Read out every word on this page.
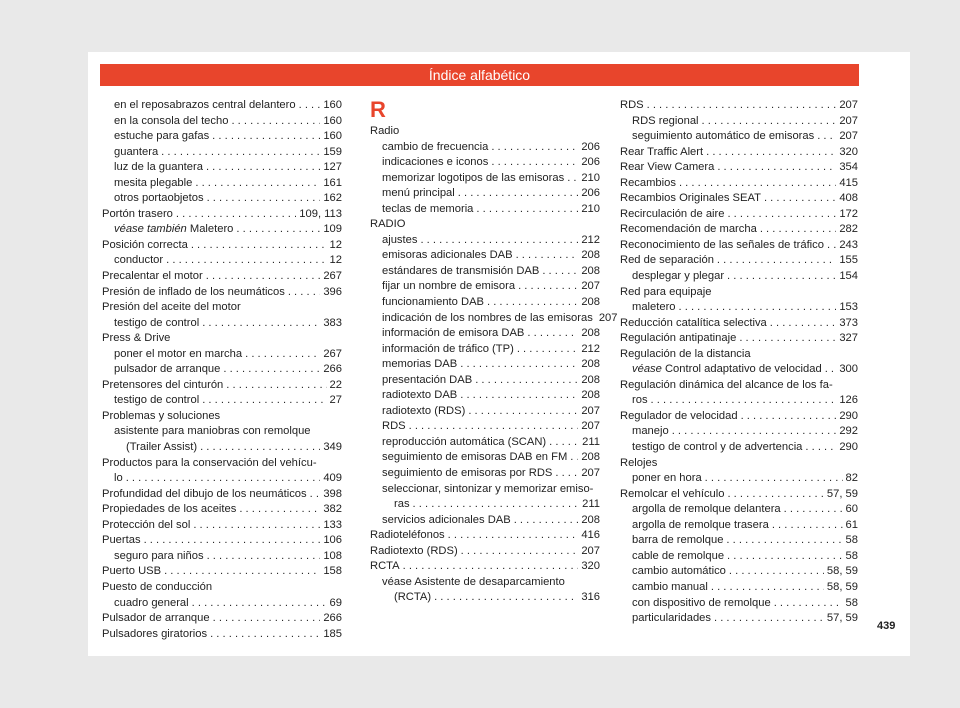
Índice alfabético
en el reposabrazos central delantero . . . 160
en la consola del techo . . .	160
estuche para gafas . . .	160
guantera . . .	159
luz de la guantera . . .	127
mesita plegable . . .	161
otros portaobjetos . . .	162
Portón trasero . . .	109, 113
véase también Maletero . . .	109
Posición correcta . . .	12
conductor . . .	12
Precalentar el motor . . .	267
Presión de inflado de los neumáticos . . .	396
Presión del aceite del motor
testigo de control . . .	383
Press & Drive
poner el motor en marcha . . .	267
pulsador de arranque . . .	266
Pretensores del cinturón . . .	22
testigo de control . . .	27
Problemas y soluciones
asistente para maniobras con remolque
(Trailer Assist) . . .	349
Productos para la conservación del vehícu-
lo . . .	409
Profundidad del dibujo de los neumáticos . . . 398
Propiedades de los aceites . . .	382
Protección del sol . . .	133
Puertas . . .	106
seguro para niños . . .	108
Puerto USB . . .	158
Puesto de conducción
cuadro general . . .	69
Pulsador de arranque . . .	266
Pulsadores giratorios . . .	185
R
Radio
cambio de frecuencia . . .	206
indicaciones e iconos . . .	206
memorizar logotipos de las emisoras . . . 210
menú principal . . .	206
teclas de memoria . . .	210
RADIO
ajustes . . .	212
emisoras adicionales DAB . . .	208
estándares de transmisión DAB . . .	208
fijar un nombre de emisora . . .	207
funcionamiento DAB . . .	208
indicación de los nombres de las emisoras 207
información de emisora DAB . . .	208
información de tráfico (TP) . . .	212
memorias DAB . . .	208
presentación DAB . . .	208
radiotexto DAB . . .	208
radiotexto (RDS) . . .	207
RDS . . .	207
reproducción automática (SCAN) . . .	211
seguimiento de emisoras DAB en FM . . . 208
seguimiento de emisoras por RDS . . .	207
seleccionar, sintonizar y memorizar emiso-
ras . . .	211
servicios adicionales DAB . . .	208
Radioteléfonos . . .	416
Radiotexto (RDS) . . .	207
RCTA . . .	320
véase Asistente de desaparcamiento
(RCTA) . . .	316
RDS . . .	207
RDS regional . . .	207
seguimiento automático de emisoras . . . 207
Rear Traffic Alert . . .	320
Rear View Camera . . .	354
Recambios . . .	415
Recambios Originales SEAT . . .	408
Recirculación de aire . . .	172
Recomendación de marcha . . .	282
Reconocimiento de las señales de tráfico . . . 243
Red de separación . . .	155
desplegar y plegar . . .	154
Red para equipaje
maletero . . .	153
Reducción catalítica selectiva . . .	373
Regulación antipatinaje . . .	327
Regulación de la distancia
véase Control adaptativo de velocidad . . . 300
Regulación dinámica del alcance de los fa-
ros . . .	126
Regulador de velocidad . . .	290
manejo . . .	292
testigo de control y de advertencia . . .	290
Relojes
poner en hora . . .	82
Remolcar el vehículo . . .	57, 59
argolla de remolque delantera . . .	60
argolla de remolque trasera . . .	61
barra de remolque . . .	58
cable de remolque . . .	58
cambio automático . . .	58, 59
cambio manual . . .	58, 59
con dispositivo de remolque . . .	58
particularidades . . .	57, 59
439
